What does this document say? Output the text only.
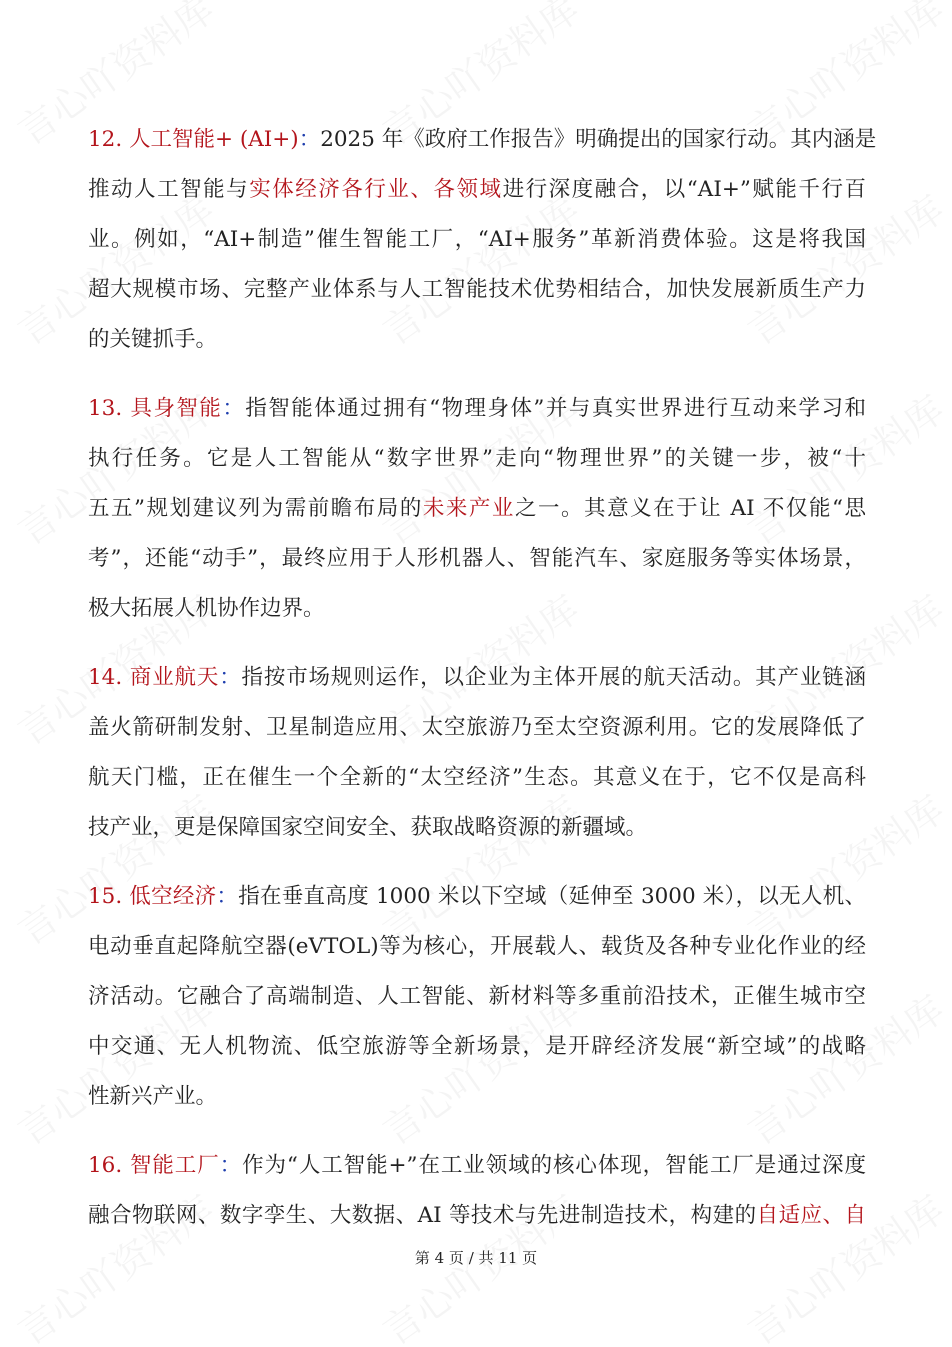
12. 人工智能+ (AI+)：2025 年《政府工作报告》明确提出的国家行动。其内涵是
推动人工智能与实体经济各行业、各领域进行深度融合，以“AI+”赋能千行百
业。例如，“AI+制造”催生智能工厂，“AI+服务”革新消费体验。这是将我国
超大规模市场、完整产业体系与人工智能技术优势相结合，加快发展新质生产力
的关键抓手。
13. 具身智能：指智能体通过拥有“物理身体”并与真实世界进行互动来学习和
执行任务。它是人工智能从“数字世界”走向“物理世界”的关键一步，被“十
五五”规划建议列为需前瞻布局的未来产业之一。其意义在于让 AI 不仅能“思
考”，还能“动手”，最终应用于人形机器人、智能汽车、家庭服务等实体场景，
极大拓展人机协作边界。
14. 商业航天：指按市场规则运作，以企业为主体开展的航天活动。其产业链涵
盖火箭研制发射、卫星制造应用、太空旅游乃至太空资源利用。它的发展降低了
航天门槛，正在催生一个全新的“太空经济”生态。其意义在于，它不仅是高科
技产业，更是保障国家空间安全、获取战略资源的新疆域。
15. 低空经济：指在垂直高度 1000 米以下空域（延伸至 3000 米），以无人机、
电动垂直起降航空器(eVTOL)等为核心，开展载人、载货及各种专业化作业的经
济活动。它融合了高端制造、人工智能、新材料等多重前沿技术，正催生城市空
中交通、无人机物流、低空旅游等全新场景，是开辟经济发展“新空域”的战略
性新兴产业。
16. 智能工厂：作为“人工智能+”在工业领域的核心体现，智能工厂是通过深度
融合物联网、数字孪生、大数据、AI 等技术与先进制造技术，构建的自适应、自
第 4 页 / 共 11 页
